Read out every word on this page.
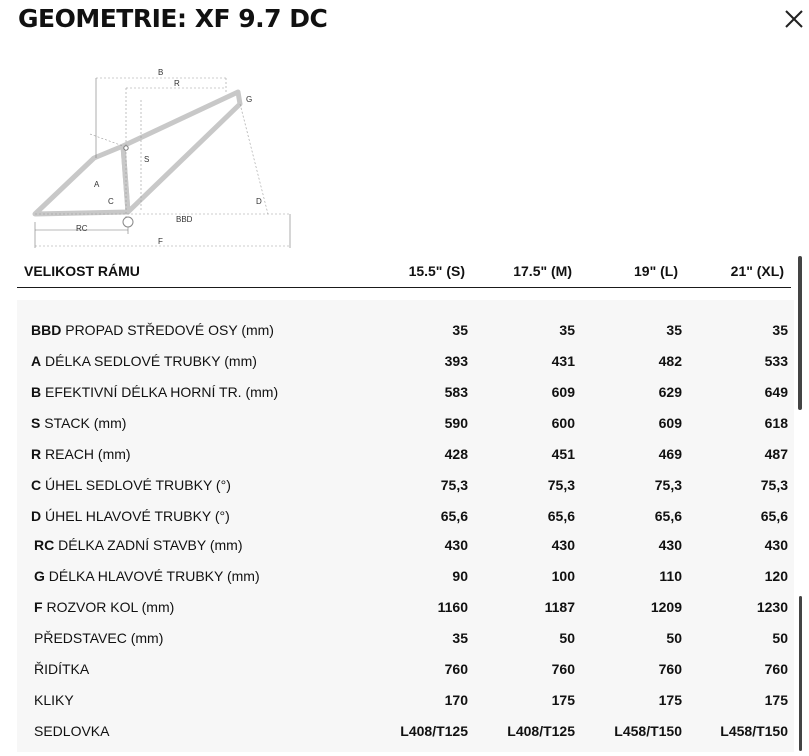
GEOMETRIE: XF 9.7 DC
B
R
G
S
A
C	D
BBD
RC
F
VELIKOST RÁMU	15.5" (S)	17.5" (M)	19" (L)	21" (XL)
BBD PROPAD STŘEDOVÉ OSY (mm)	35	35	35	35
A DÉLKA SEDLOVÉ TRUBKY (mm)	393	431	482	533
B EFEKTIVNÍ DÉLKA HORNÍ TR. (mm)	583	609	629	649
S STACK (mm)	590	600	609	618
R REACH (mm)	428	451	469	487
C ÚHEL SEDLOVÉ TRUBKY (°)	75,3	75,3	75,3	75,3
D ÚHEL HLAVOVÉ TRUBKY (°)	65,6	65,6	65,6	65,6
RC DÉLKA ZADNÍ STAVBY (mm)	430	430	430	430
G DÉLKA HLAVOVÉ TRUBKY (mm)	90	100	110	120
F ROZVOR KOL (mm)	1160	1187	1209	1230
PŘEDSTAVEC (mm)	35	50	50	50
ŘIDÍTKA	760	760	760	760
KLIKY	170	175	175	175
SEDLOVKA	L408/T125	L408/T125	L458/T150	L458/T150
